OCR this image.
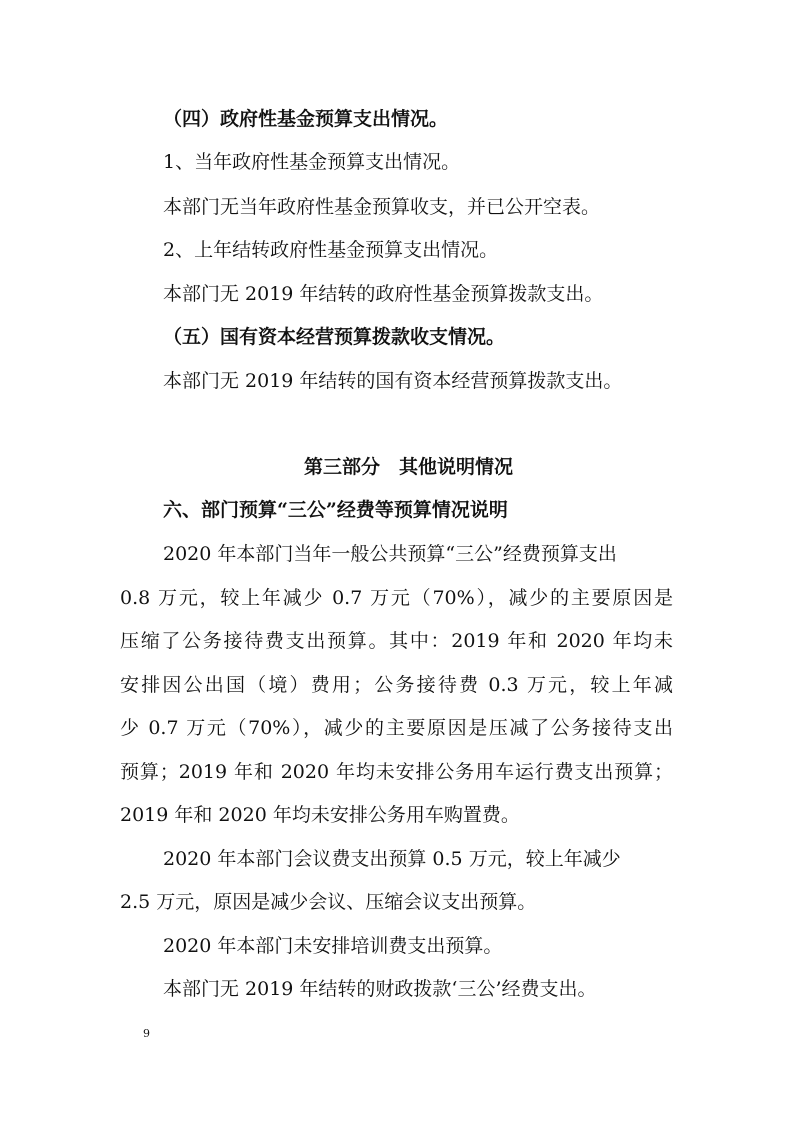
（四）政府性基金预算支出情况。
1、当年政府性基金预算支出情况。
本部门无当年政府性基金预算收支，并已公开空表。
2、上年结转政府性基金预算支出情况。
本部门无 2019 年结转的政府性基金预算拨款支出。
（五）国有资本经营预算拨款收支情况。
本部门无 2019 年结转的国有资本经营预算拨款支出。
第三部分　其他说明情况
六、部门预算“三公”经费等预算情况说明
2020 年本部门当年一般公共预算“三公”经费预算支出
0.8 万元，较上年减少 0.7 万元（70%），减少的主要原因是
压缩了公务接待费支出预算。其中：2019 年和 2020 年均未
安排因公出国（境）费用；公务接待费 0.3 万元，较上年减
少 0.7 万元（70%），减少的主要原因是压减了公务接待支出
预算；2019 年和 2020 年均未安排公务用车运行费支出预算；
2019 年和 2020 年均未安排公务用车购置费。
2020 年本部门会议费支出预算 0.5 万元，较上年减少
2.5 万元，原因是减少会议、压缩会议支出预算。
2020 年本部门未安排培训费支出预算。
本部门无 2019 年结转的财政拨款‘三公’经费支出。
9
